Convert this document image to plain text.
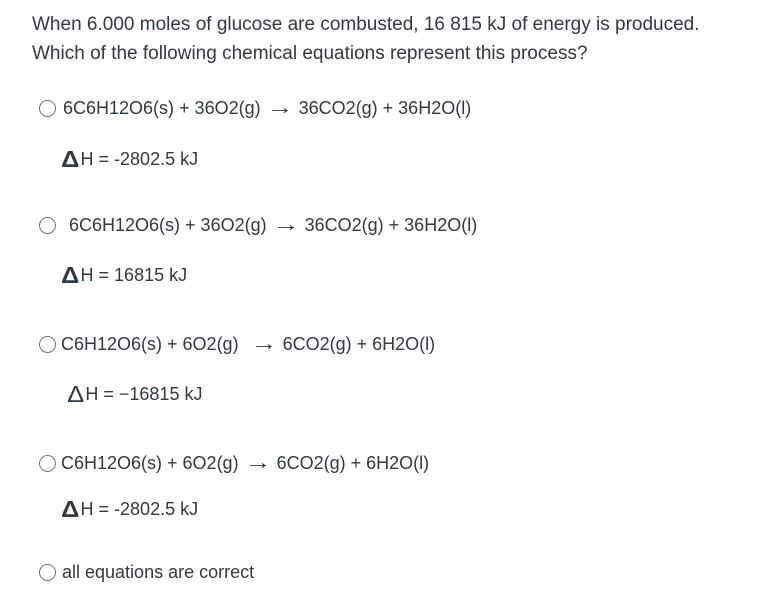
When 6.000 moles of glucose are combusted, 16 815 kJ of energy is produced.
Which of the following chemical equations represent this process?
6C6H12O6(s) + 36O2(g) → 36CO2(g) + 36H2O(l)
Δ H = -2802.5 kJ
6C6H12O6(s) + 36O2(g) → 36CO2(g) + 36H2O(l)
Δ H = 16815 kJ
C6H12O6(s) + 6O2(g) → 6CO2(g) + 6H2O(l)
Δ H = −16815 kJ
C6H12O6(s) + 6O2(g) → 6CO2(g) + 6H2O(l)
Δ H = -2802.5 kJ
all equations are correct
